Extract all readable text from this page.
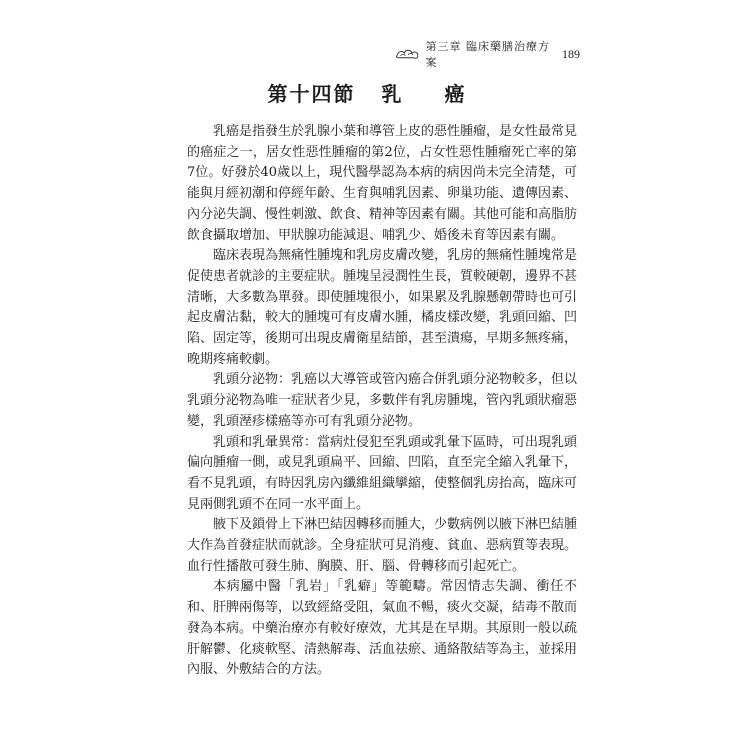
第三章 臨床藥膳治療方案
189
第十四節 乳 癌

乳癌是指發生於乳腺小葉和導管上皮的惡性腫瘤，是女性最常見的癌症之一，居女性惡性腫瘤的第2位，占女性惡性腫瘤死亡率的第7位。好發於40歲以上，現代醫學認為本病的病因尚未完全清楚，可能與月經初潮和停經年齡、生育與哺乳因素、卵巢功能、遺傳因素、內分泌失調、慢性刺激、飲食、精神等因素有關。其他可能和高脂肪飲食攝取增加、甲狀腺功能減退、哺乳少、婚後未育等因素有關。

臨床表現為無痛性腫塊和乳房皮膚改變，乳房的無痛性腫塊常是促使患者就診的主要症狀。腫塊呈浸潤性生長，質較硬韌，邊界不甚清晰，大多數為單發。即使腫塊很小，如果累及乳腺懸韌帶時也可引起皮膚沾黏，較大的腫塊可有皮膚水腫，橘皮樣改變，乳頭回縮、凹陷、固定等，後期可出現皮膚衛星結節，甚至潰瘍，早期多無疼痛，晚期疼痛較劇。

乳頭分泌物：乳癌以大導管或管內癌合併乳頭分泌物較多，但以乳頭分泌物為唯一症狀者少見，多數伴有乳房腫塊，管內乳頭狀瘤惡變，乳頭溼疹樣癌等亦可有乳頭分泌物。

乳頭和乳暈異常：當病灶侵犯至乳頭或乳暈下區時，可出現乳頭偏向腫瘤一側，或見乳頭扁平、回縮、凹陷，直至完全縮入乳暈下，看不見乳頭，有時因乳房內纖維組織攣縮，使整個乳房抬高，臨床可見兩側乳頭不在同一水平面上。

腋下及鎖骨上下淋巴結因轉移而腫大，少數病例以腋下淋巴結腫大作為首發症狀而就診。全身症狀可見消瘦、貧血、惡病質等表現。血行性播散可發生肺、胸膜、肝、腦、骨轉移而引起死亡。

本病屬中醫「乳岩」「乳癖」等範疇。常因情志失調、衝任不和、肝脾兩傷等，以致經絡受阻，氣血不暢，痰火交凝，結毒不散而發為本病。中藥治療亦有較好療效，尤其是在早期。其原則一般以疏肝解鬱、化痰軟堅、清熱解毒、活血祛瘀、通絡散結等為主，並採用內服、外敷結合的方法。
